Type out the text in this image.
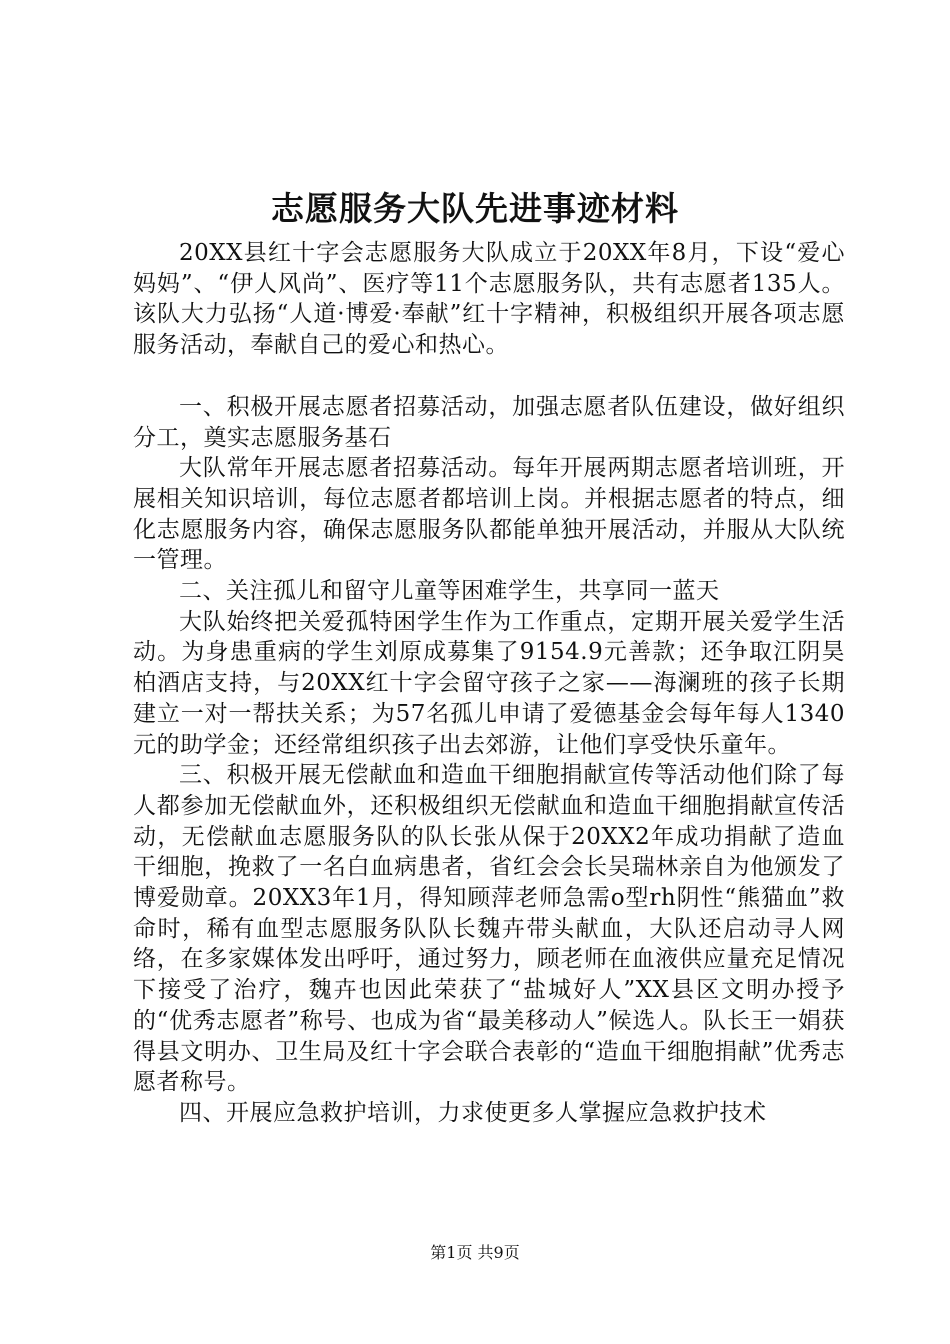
志愿服务大队先进事迹材料

20XX县红十字会志愿服务大队成立于20XX年8月，下设“爱心妈妈”、“伊人风尚”、医疗等11个志愿服务队，共有志愿者135人。该队大力弘扬“人道·博爱·奉献”红十字精神，积极组织开展各项志愿服务活动，奉献自己的爱心和热心。

一、积极开展志愿者招募活动，加强志愿者队伍建设，做好组织分工，奠实志愿服务基石

大队常年开展志愿者招募活动。每年开展两期志愿者培训班，开展相关知识培训，每位志愿者都培训上岗。并根据志愿者的特点，细化志愿服务内容，确保志愿服务队都能单独开展活动，并服从大队统一管理。

二、关注孤儿和留守儿童等困难学生，共享同一蓝天

大队始终把关爱孤特困学生作为工作重点，定期开展关爱学生活动。为身患重病的学生刘原成募集了9154.9元善款；还争取江阴昊柏酒店支持，与20XX红十字会留守孩子之家——海澜班的孩子长期建立一对一帮扶关系；为57名孤儿申请了爱德基金会每年每人1340元的助学金；还经常组织孩子出去郊游，让他们享受快乐童年。

三、积极开展无偿献血和造血干细胞捐献宣传等活动他们除了每人都参加无偿献血外，还积极组织无偿献血和造血干细胞捐献宣传活动，无偿献血志愿服务队的队长张从保于20XX2年成功捐献了造血干细胞，挽救了一名白血病患者，省红会会长吴瑞林亲自为他颁发了博爱勋章。20XX3年1月，得知顾萍老师急需o型rh阴性“熊猫血”救命时，稀有血型志愿服务队队长魏卉带头献血，大队还启动寻人网络，在多家媒体发出呼吁，通过努力，顾老师在血液供应量充足情况下接受了治疗，魏卉也因此荣获了“盐城好人”XX县区文明办授予的“优秀志愿者”称号、也成为省“最美移动人”候选人。队长王一娟获得县文明办、卫生局及红十字会联合表彰的“造血干细胞捐献”优秀志愿者称号。

四、开展应急救护培训，力求使更多人掌握应急救护技术

第1页 共9页
